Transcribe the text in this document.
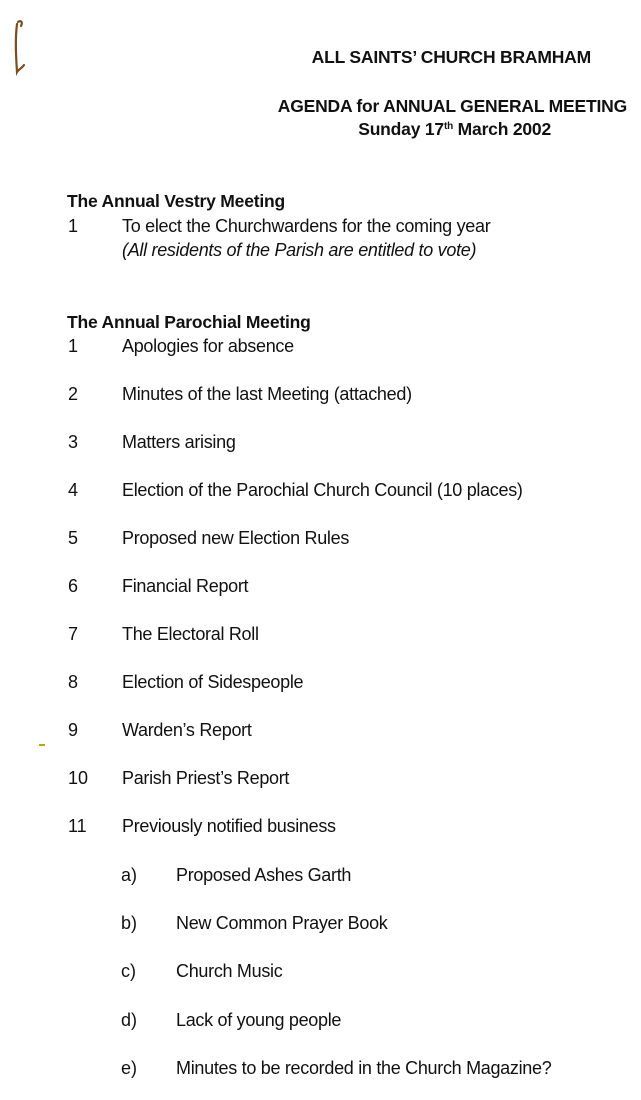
ALL SAINTS’ CHURCH BRAMHAM
AGENDA for ANNUAL GENERAL MEETING
Sunday 17th March 2002
The Annual Vestry Meeting
1 To elect the Churchwardens for the coming year
(All residents of the Parish are entitled to vote)
The Annual Parochial Meeting
1 Apologies for absence
2 Minutes of the last Meeting (attached)
3 Matters arising
4 Election of the Parochial Church Council (10 places)
5 Proposed new Election Rules
6 Financial Report
7 The Electoral Roll
8 Election of Sidespeople
9 Warden’s Report
10 Parish Priest’s Report
11 Previously notified business
a) Proposed Ashes Garth
b) New Common Prayer Book
c) Church Music
d) Lack of young people
e) Minutes to be recorded in the Church Magazine?
